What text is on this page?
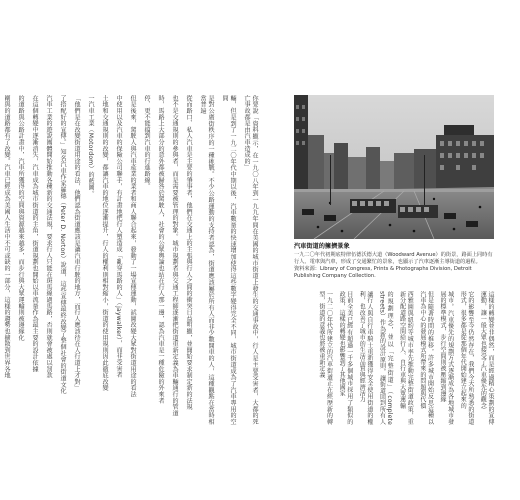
你要說「資料顯示，在一九〇八年到一九九年間在美國的城市街道上發生的交通事故中，行人是主要受害者，大都的死亡事故都是由汽車造成的」
輛，但是到了一九二〇年代中期以後，汽車數量的快速增加使得這些數字變得完全不同，城市街道成為了汽車專用的空間
是對公廣街秩序的一種挑戰。不少公路運動的支持者認為，街道應該屬於所有人而非少數開車的人，這種觀點在當時相當普遍
從而路口、私人汽車是主要的肇事者，他們在交通上的主張與行人之間的衝突日益明顯，並開始要求制定新的法規
也不是交通規則的參與者，而是需要被管理的對象。城市規劃者與交通工程師逐漸把街道重新定義為車輛通行的管道
時，馬路上大部分的意外都被歸咎於駕駛人，社會的公眾輿論也站在行人那一邊，認為汽車是一種危險的外來者
停、更不能擋到汽車的行進路線。
但是後來，駕駛人與汽車產業的業者和商人聯合起來，發動了一場宣傳運動，試圖改變大眾對街道用途的看法
中使用以及汽車的保險公司聯手，有計畫地把行人塑造成「亂穿馬路的人」（jaywalker），而非受害者
土地和交通規則的改變，都讓汽車的地位逐漸提升，行人的權利則相對縮小，街道的使用規則因此徹底改變
一汽車工業（Motordom）的藍圖。
「他們是在改變街道用途的看法，他們認為街道應該是讓汽車行駛的地方，而行人應該待在人行道上才對」
了搭配好的宣傳。」知名汽車作家羅德（Peter D. Norton）說道，這些宣傳最終改變了整個社會的街道文化
汽車工業的遊說團體開始推動各種新的交通法規，要求行人只能在斑馬線過馬路，否則就會被處以罰款
在這個轉變中逐漸消失，汽車成為城市街道的主角，街道規劃也開始以車流量作為最主要的設計依據
的道路與公路計畫中，汽車所獲得的空間與資源越來越多，而步行與大眾運輸則被邊緣化
剛與的道路都有了改變。汽車已經成為美國人生活中不可或缺的一部分，這樣的趨勢也擴散到世界各地	汽車街道的擁擠景象
一九二〇年代初期底特律伍德沃德大道（Woodward Avenue）的街景，路面上同時有行人、電車與汽車，形成了交通繁忙的景象，也顯示了汽車逐漸主導街道的過程。
資料來源：Library of Congress, Prints & Photographs Division, Detroit Publishing Company Collection.
這樣的轉變並非偶然，而是經過精心策劃的宣傳運動，讓一般大眾也接受了汽車優先的觀念
它的影響至今仍然存在，我們今天所熟悉的街道形式，很多都是從那個年代開始建立起來的
城市。汽車優先的規劃方式逐漸成為各地城市發展的標準模式，步行空間則被壓縮到邊緣
但是隨著時間的推移，許多城市開始反思這種以汽車為中心的發展模式所帶來的問題與代價
西雅圖與紐約等城市率先推動完整街道政策，重新分配道路空間給行人、自行車與大眾運輸
的規劃理念，並以「完整街道」（complete streets）作為新的設計原則，讓街道回到所有人
讓行人與自行車騎士重新獲得安全使用街道的權利，也改善了城市的生活品質與經濟活力
目前全美已經有超過一千多個城市採用了類似的政策，這樣的轉變也影響到了其他國家
一九二〇年代所建立的汽車街道正在經歷新的轉型，街道的意義也將被重新定義
